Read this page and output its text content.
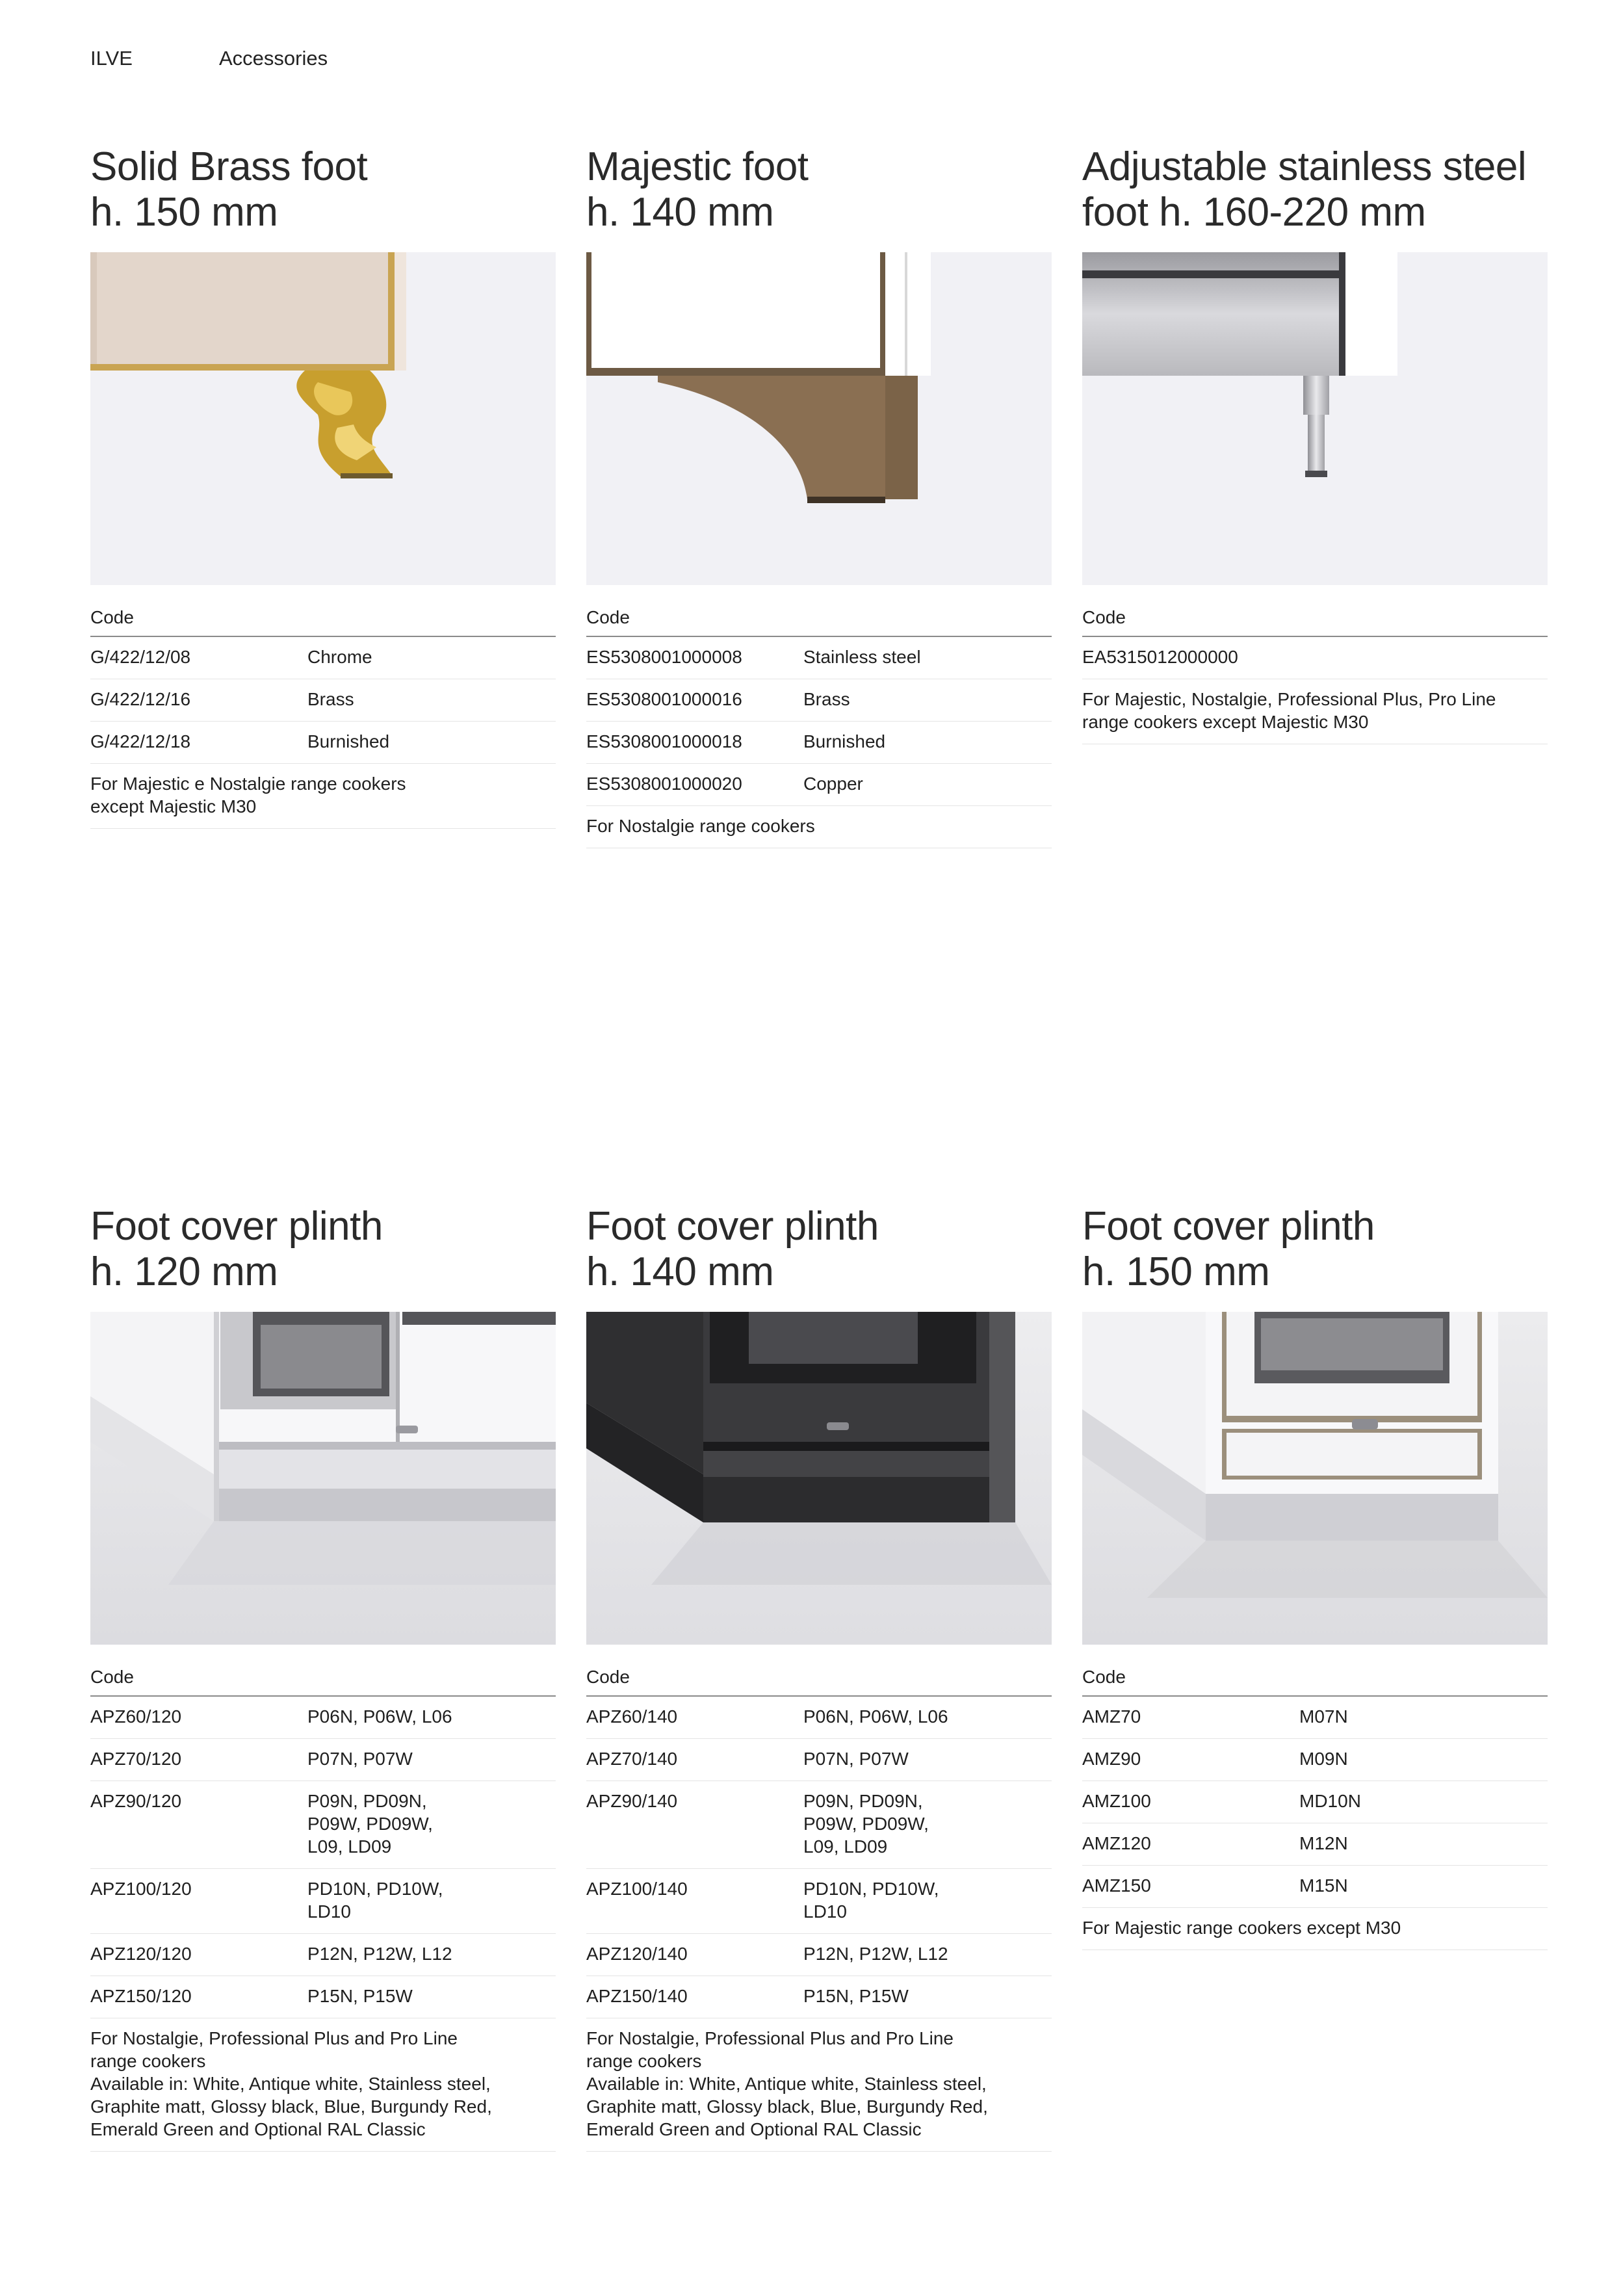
ILVE	Accessories
Solid Brass foot
h. 150 mm
Code
G/422/12/08	Chrome
G/422/12/16	Brass
G/422/12/18	Burnished
For Majestic e Nostalgie range cookers
except Majestic M30
Majestic foot
h. 140 mm
Code
ES5308001000008	Stainless steel
ES5308001000016	Brass
ES5308001000018	Burnished
ES5308001000020	Copper
For Nostalgie range cookers
Adjustable stainless steel
foot h. 160-220 mm
Code
EA5315012000000
For Majestic, Nostalgie, Professional Plus, Pro Line
range cookers except Majestic M30
Foot cover plinth
h. 120 mm
Code
APZ60/120	P06N, P06W, L06
APZ70/120	P07N, P07W
APZ90/120	P09N, PD09N,
P09W, PD09W,
L09, LD09
APZ100/120	PD10N, PD10W,
LD10
APZ120/120	P12N, P12W, L12
APZ150/120	P15N, P15W
For Nostalgie, Professional Plus and Pro Line
range cookers
Available in: White, Antique white, Stainless steel,
Graphite matt, Glossy black, Blue, Burgundy Red,
Emerald Green and Optional RAL Classic
Foot cover plinth
h. 140 mm
Code
APZ60/140	P06N, P06W, L06
APZ70/140	P07N, P07W
APZ90/140	P09N, PD09N,
P09W, PD09W,
L09, LD09
APZ100/140	PD10N, PD10W,
LD10
APZ120/140	P12N, P12W, L12
APZ150/140	P15N, P15W
For Nostalgie, Professional Plus and Pro Line
range cookers
Available in: White, Antique white, Stainless steel,
Graphite matt, Glossy black, Blue, Burgundy Red,
Emerald Green and Optional RAL Classic
Foot cover plinth
h. 150 mm
Code
AMZ70	M07N
AMZ90	M09N
AMZ100	MD10N
AMZ120	M12N
AMZ150	M15N
For Majestic range cookers except M30
